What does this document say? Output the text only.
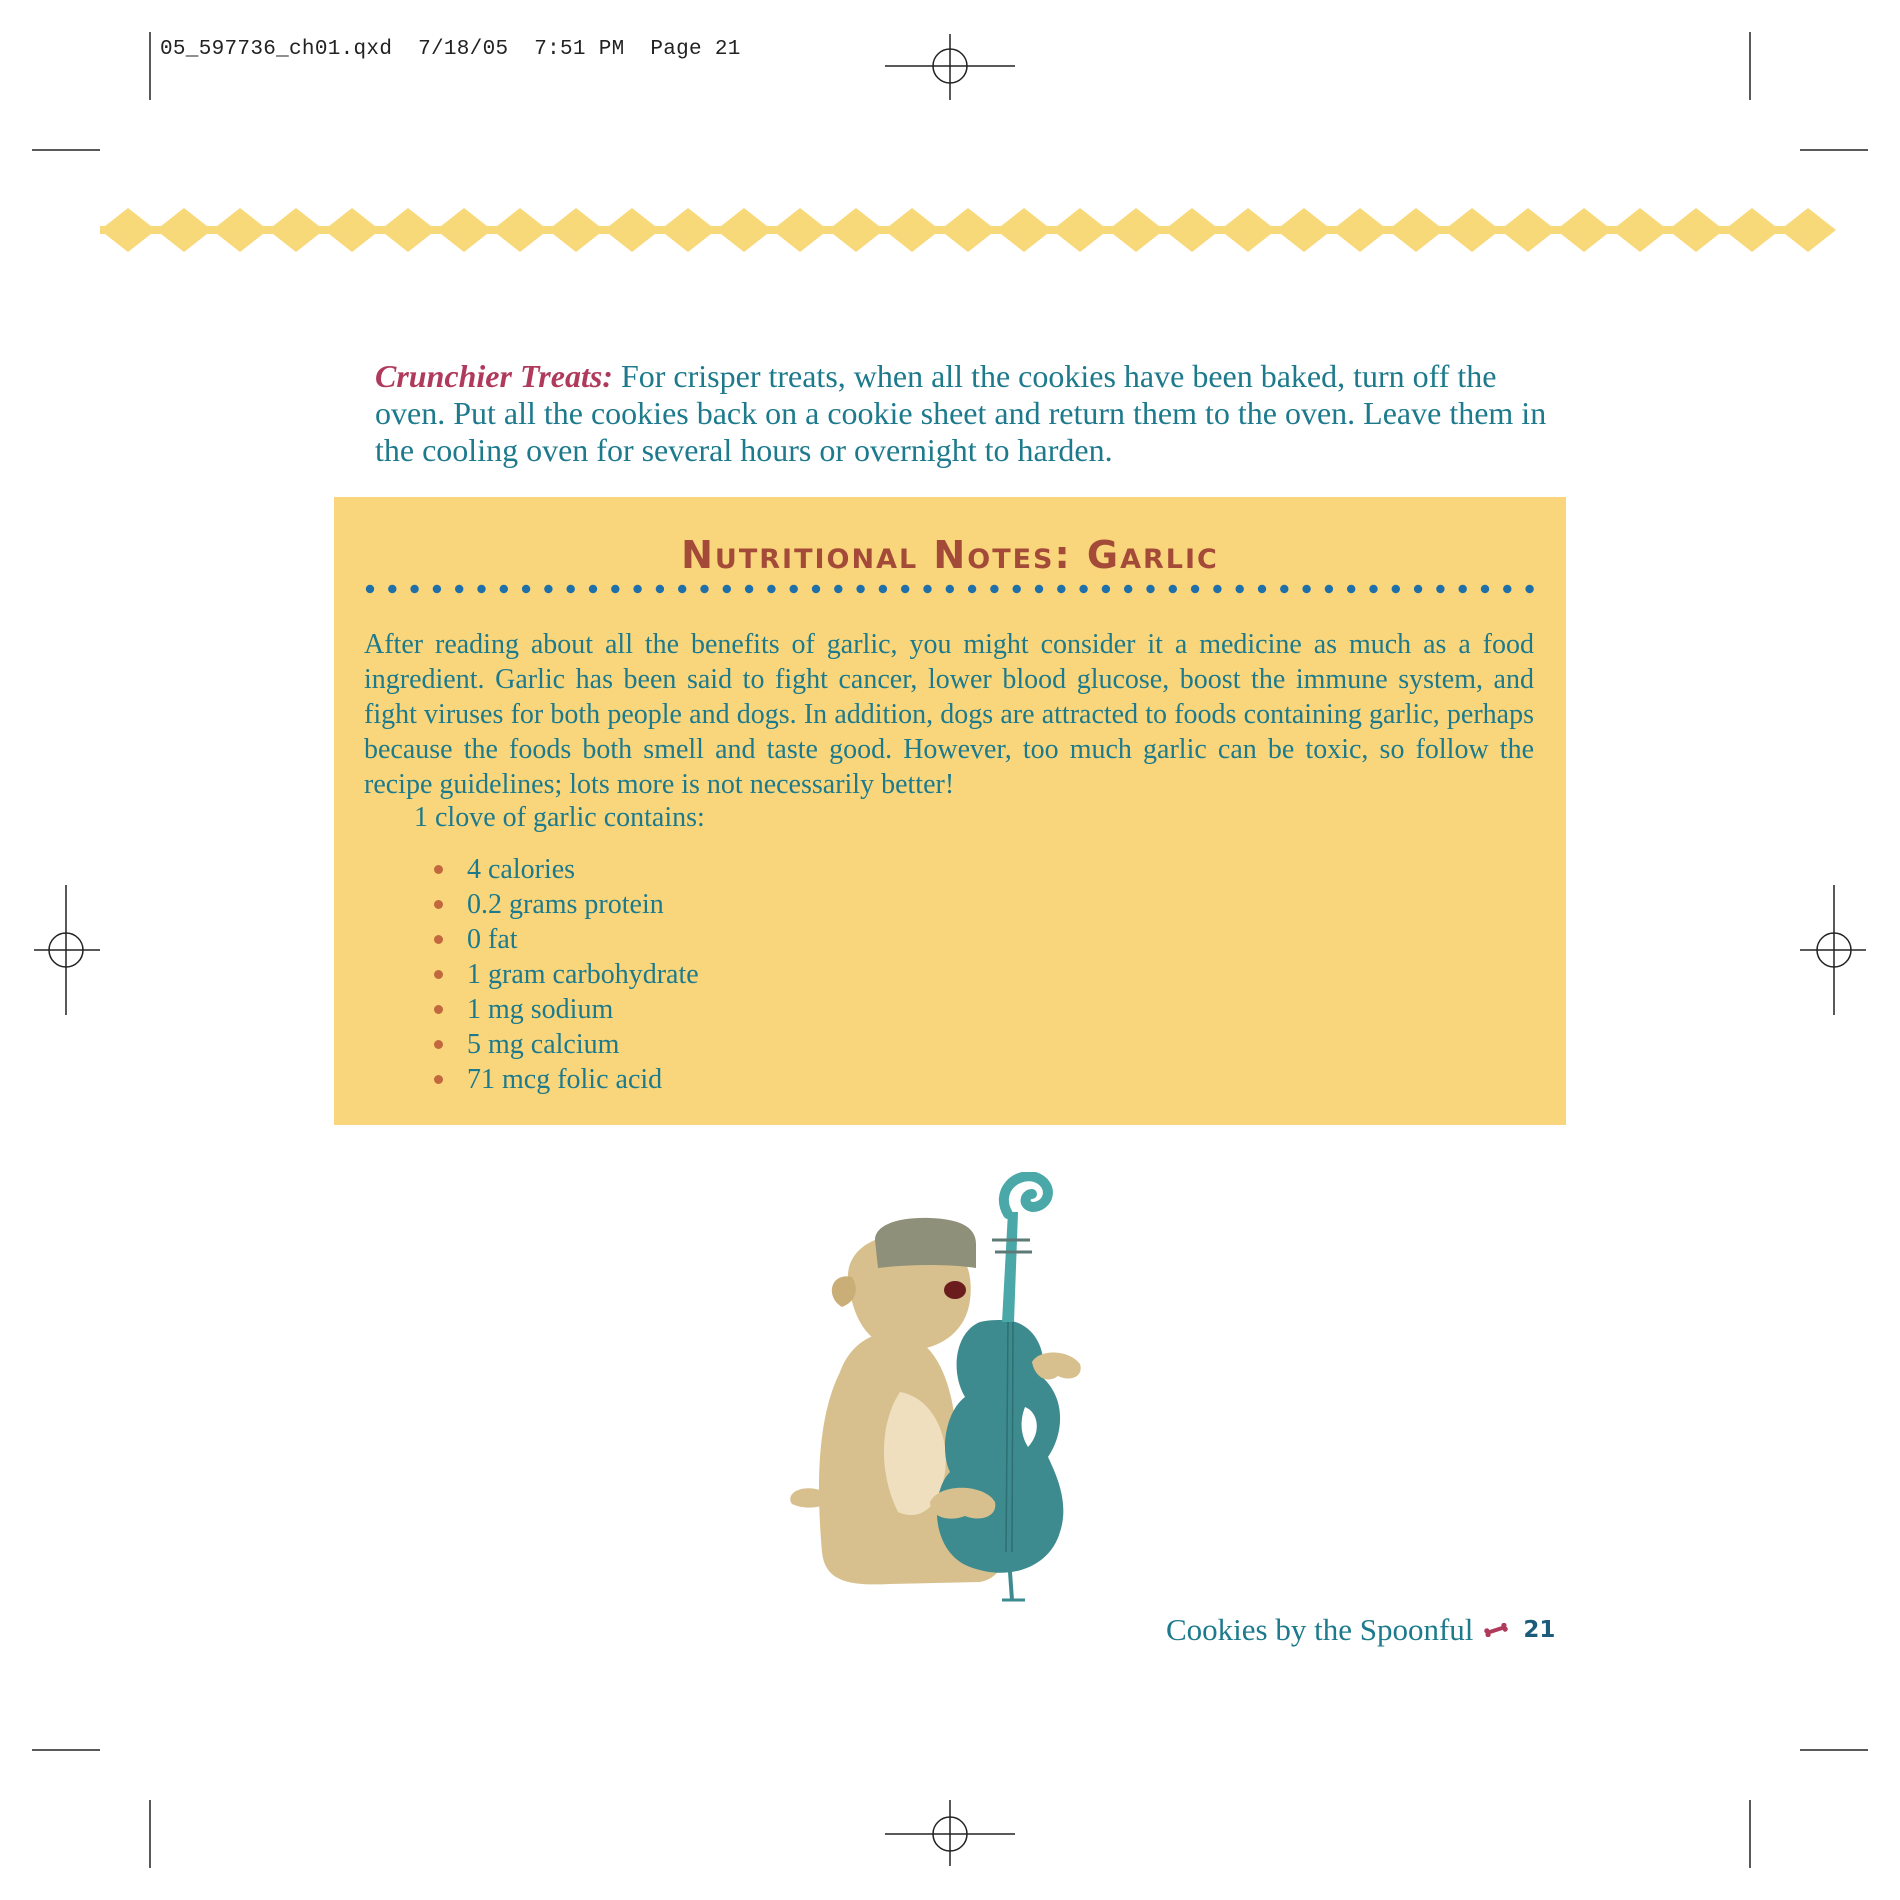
05_597736_ch01.qxd 7/18/05 7:51 PM Page 21

Crunchier Treats: For crisper treats, when all the cookies have been baked, turn off the oven. Put all the cookies back on a cookie sheet and return them to the oven. Leave them in the cooling oven for several hours or overnight to harden.

Nutritional Notes: Garlic
After reading about all the benefits of garlic, you might consider it a medicine as much as a food ingredient. Garlic has been said to fight cancer, lower blood glucose, boost the immune system, and fight viruses for both people and dogs. In addition, dogs are attracted to foods containing garlic, perhaps because the foods both smell and taste good. However, too much garlic can be toxic, so follow the recipe guidelines; lots more is not necessarily better!
1 clove of garlic contains:
4 calories
0.2 grams protein
0 fat
1 gram carbohydrate
1 mg sodium
5 mg calcium
71 mcg folic acid
Cookies by the Spoonful 21
